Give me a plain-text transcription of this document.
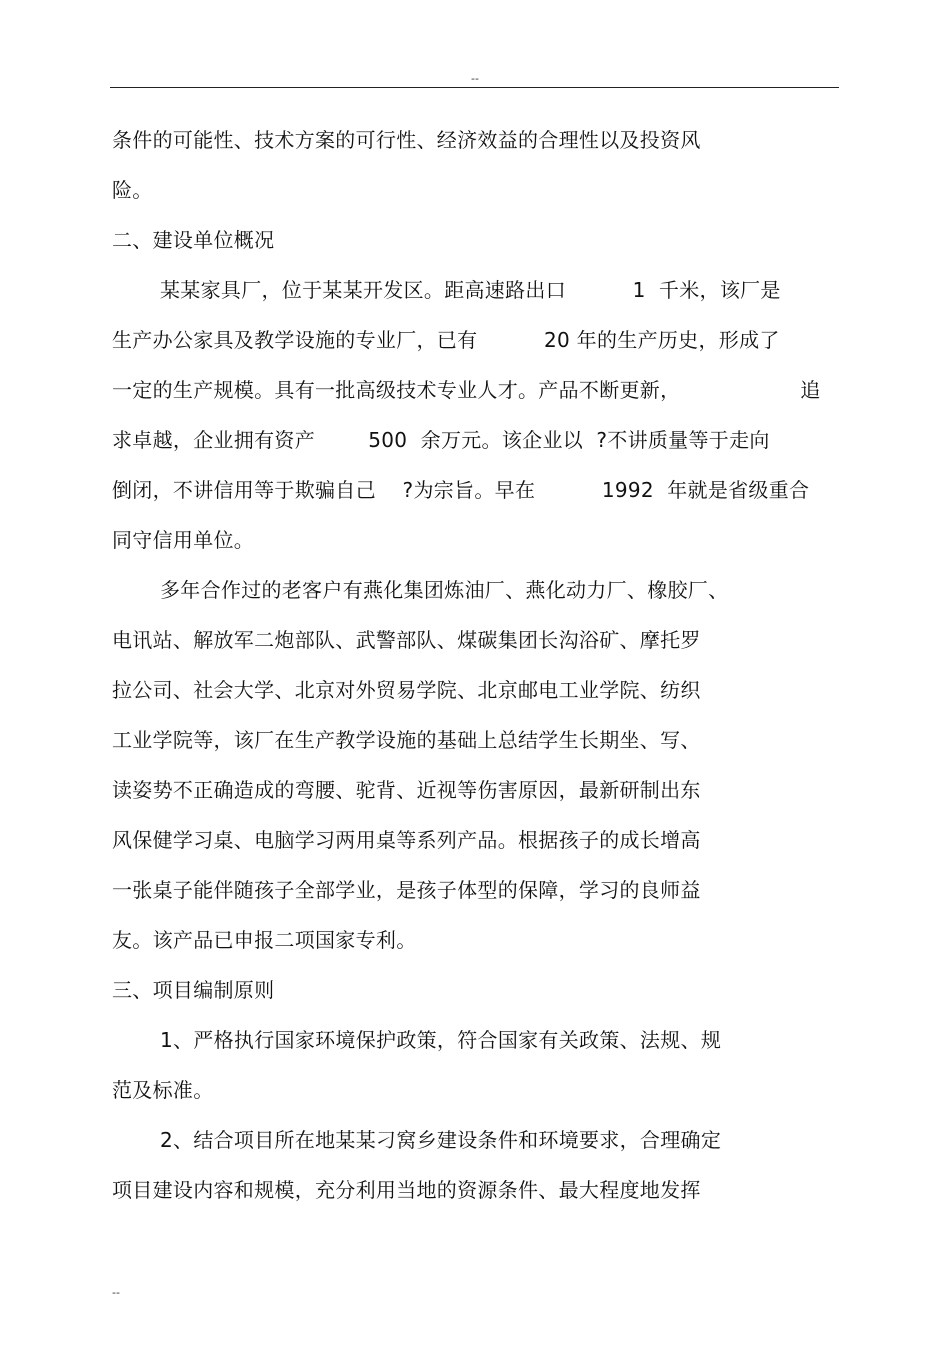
--
条件的可能性、技术方案的可行性、经济效益的合理性以及投资风
险。
二、建设单位概况
某某家具厂，位于某某开发区。距高速路出口          1  千米，该厂是
生产办公家具及教学设施的专业厂，已有          20 年的生产历史，形成了
一定的生产规模。具有一批高级技术专业人才。产品不断更新，                  追
求卓越，企业拥有资产        500  余万元。该企业以  ?不讲质量等于走向
倒闭，不讲信用等于欺骗自己    ?为宗旨。早在          1992  年就是省级重合
同守信用单位。
多年合作过的老客户有燕化集团炼油厂、燕化动力厂、橡胶厂、
电讯站、解放军二炮部队、武警部队、煤碳集团长沟浴矿、摩托罗
拉公司、社会大学、北京对外贸易学院、北京邮电工业学院、纺织
工业学院等，该厂在生产教学设施的基础上总结学生长期坐、写、
读姿势不正确造成的弯腰、驼背、近视等伤害原因，最新研制出东
风保健学习桌、电脑学习两用桌等系列产品。根据孩子的成长增高
一张桌子能伴随孩子全部学业，是孩子体型的保障，学习的良师益
友。该产品已申报二项国家专利。
三、项目编制原则
1、严格执行国家环境保护政策，符合国家有关政策、法规、规
范及标准。
2、结合项目所在地某某刁窝乡建设条件和环境要求，合理确定
项目建设内容和规模，充分利用当地的资源条件、最大程度地发挥
--
